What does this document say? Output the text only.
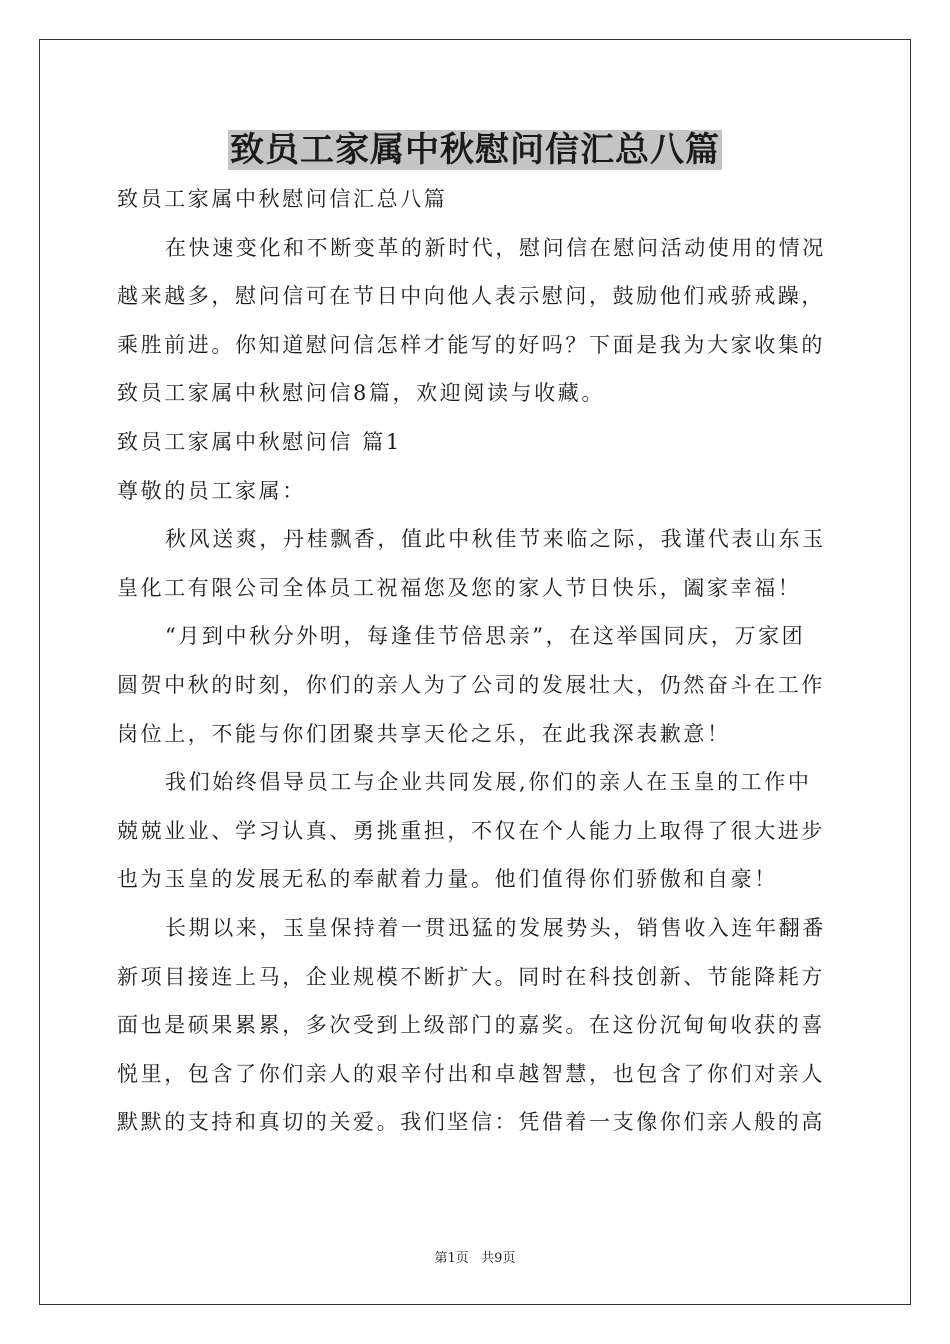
致员工家属中秋慰问信汇总八篇
致员工家属中秋慰问信汇总八篇
在快速变化和不断变革的新时代，慰问信在慰问活动使用的情况
越来越多，慰问信可在节日中向他人表示慰问，鼓励他们戒骄戒躁，
乘胜前进。你知道慰问信怎样才能写的好吗？下面是我为大家收集的
致员工家属中秋慰问信8篇，欢迎阅读与收藏。
致员工家属中秋慰问信 篇1
尊敬的员工家属：
秋风送爽，丹桂飘香，值此中秋佳节来临之际，我谨代表山东玉
皇化工有限公司全体员工祝福您及您的家人节日快乐，阖家幸福！
“月到中秋分外明，每逢佳节倍思亲”，在这举国同庆，万家团
圆贺中秋的时刻，你们的亲人为了公司的发展壮大，仍然奋斗在工作
岗位上，不能与你们团聚共享天伦之乐，在此我深表歉意！
我们始终倡导员工与企业共同发展,你们的亲人在玉皇的工作中
兢兢业业、学习认真、勇挑重担，不仅在个人能力上取得了很大进步
也为玉皇的发展无私的奉献着力量。他们值得你们骄傲和自豪！
长期以来，玉皇保持着一贯迅猛的发展势头，销售收入连年翻番
新项目接连上马，企业规模不断扩大。同时在科技创新、节能降耗方
面也是硕果累累，多次受到上级部门的嘉奖。在这份沉甸甸收获的喜
悦里，包含了你们亲人的艰辛付出和卓越智慧，也包含了你们对亲人
默默的支持和真切的关爱。我们坚信：凭借着一支像你们亲人般的高
第1页   共9页
